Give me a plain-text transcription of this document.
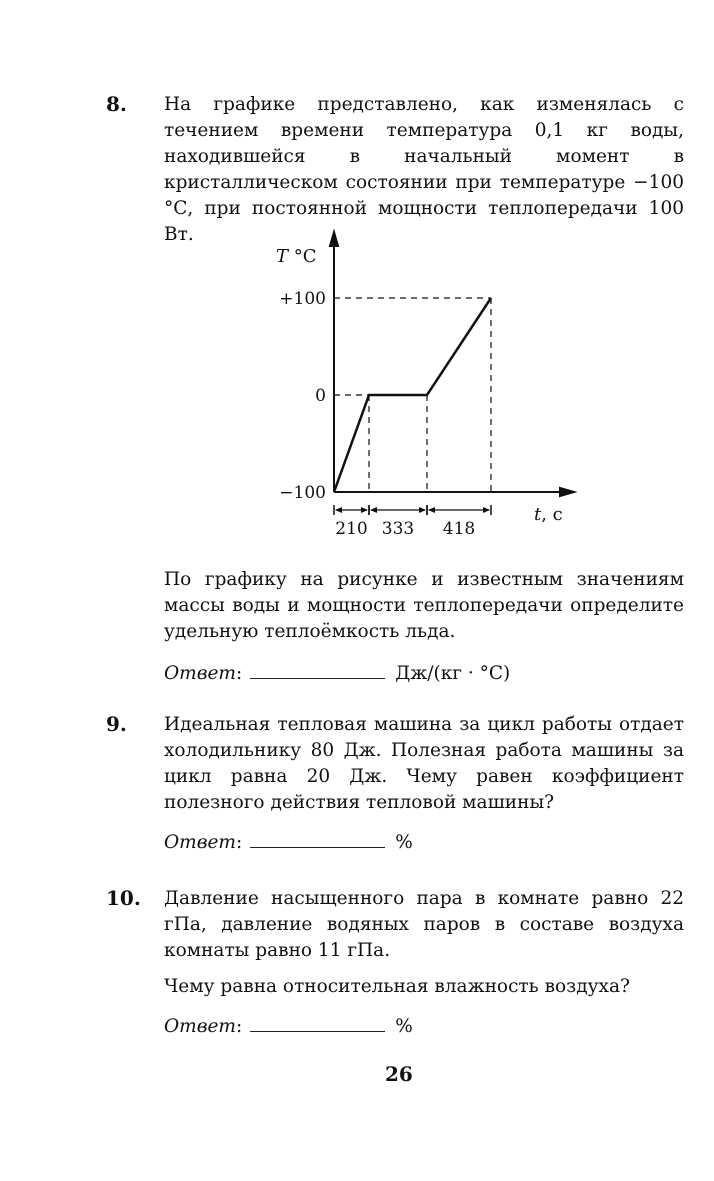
8. На графике представлено, как изменялась с течением времени температура 0,1 кг воды, находившейся в начальный момент в кристаллическом состоянии при температуре −100 °С, при постоянной мощности теплопередачи 100 Вт.
+100
0
−100
T °С
t, с
210 333 418
По графику на рисунке и известным значениям массы воды и мощности теплопередачи определите удельную теплоёмкость льда.
Ответ:	Дж/(кг · °С)
9. Идеальная тепловая машина за цикл работы отдает холодильнику 80 Дж. Полезная работа машины за цикл равна 20 Дж. Чему равен коэффициент полезного действия тепловой машины?
Ответ:	%
10. Давление насыщенного пара в комнате равно 22 гПа, давление водяных паров в составе воздуха комнаты равно 11 гПа.
Чему равна относительная влажность воздуха?
Ответ:	%
26
